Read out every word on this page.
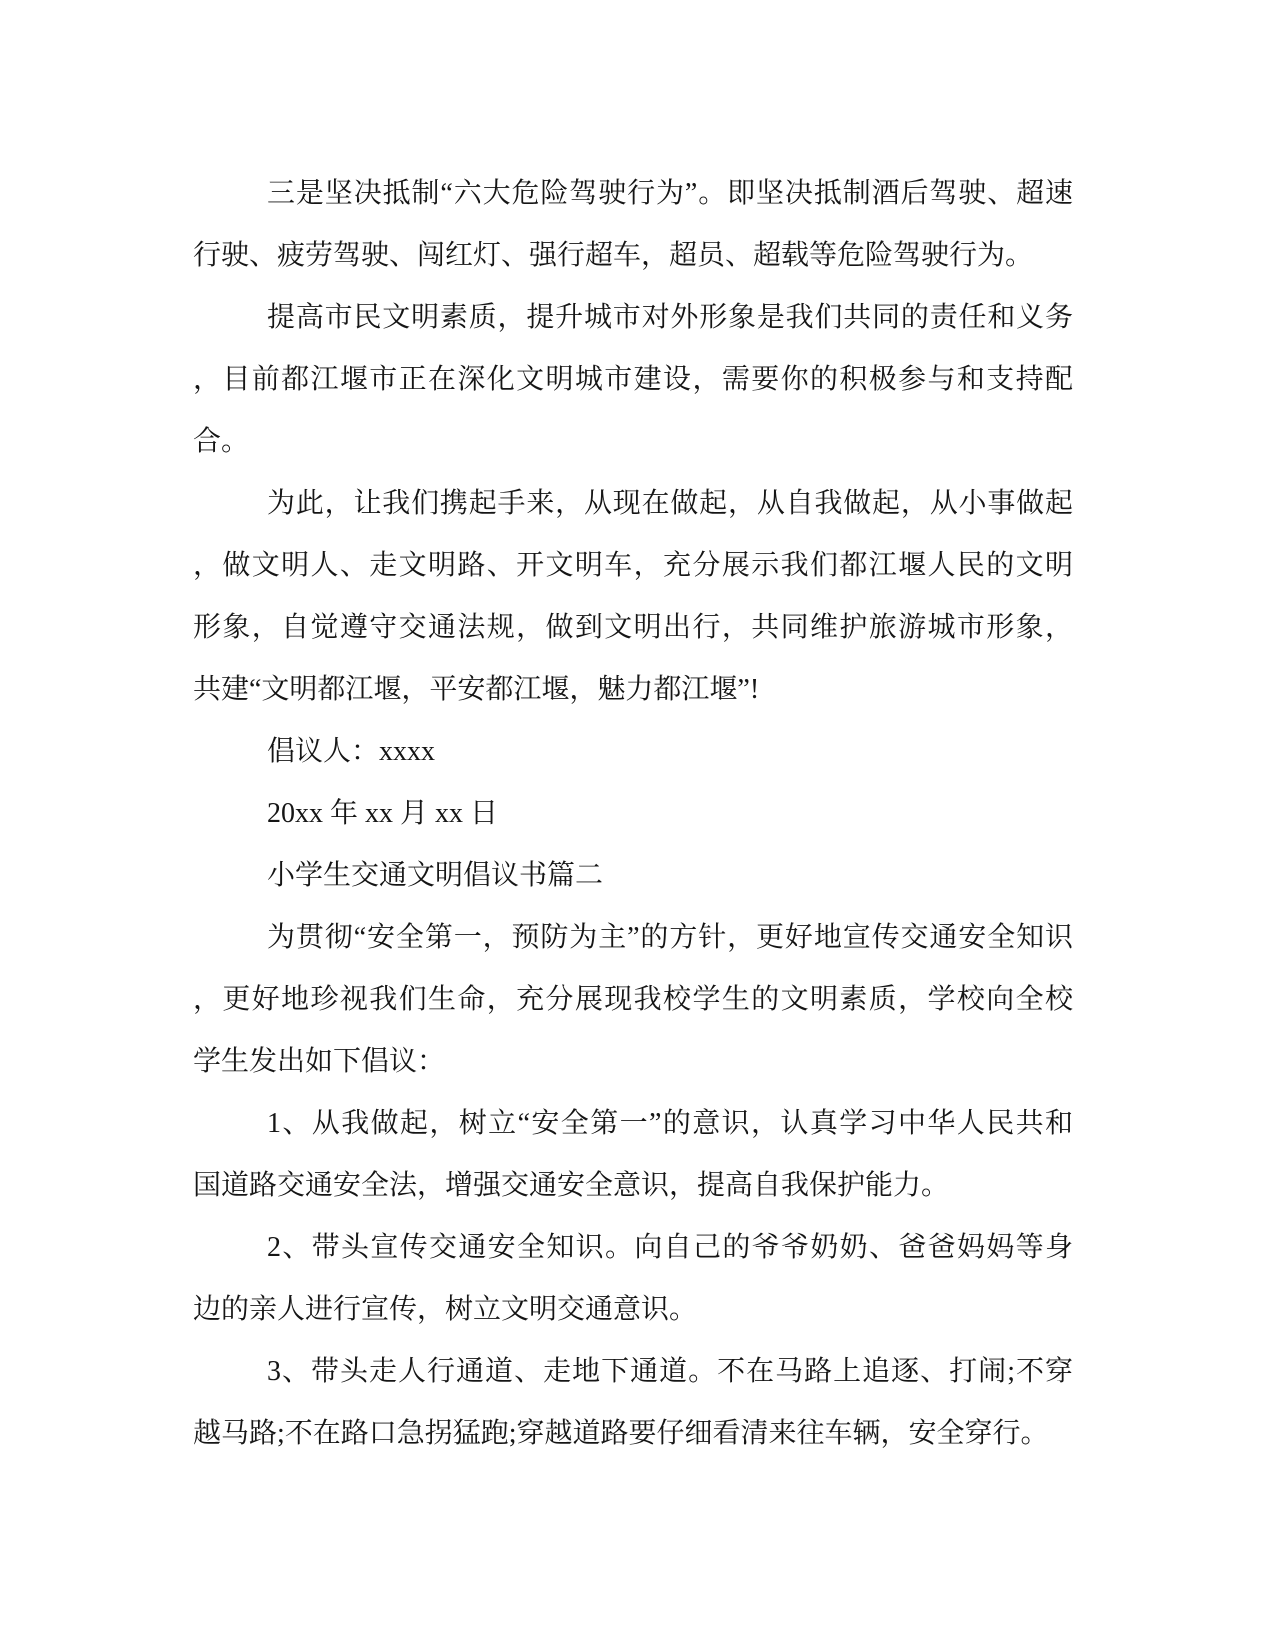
三是坚决抵制“六大危险驾驶行为”。即坚决抵制酒后驾驶、超速
行驶、疲劳驾驶、闯红灯、强行超车，超员、超载等危险驾驶行为。
提高市民文明素质，提升城市对外形象是我们共同的责任和义务
，目前都江堰市正在深化文明城市建设，需要你的积极参与和支持配
合。
为此，让我们携起手来，从现在做起，从自我做起，从小事做起
，做文明人、走文明路、开文明车，充分展示我们都江堰人民的文明
形象，自觉遵守交通法规，做到文明出行，共同维护旅游城市形象，
共建“文明都江堰，平安都江堰，魅力都江堰”!
倡议人：xxxx
20xx 年 xx 月 xx 日
小学生交通文明倡议书篇二
为贯彻“安全第一，预防为主”的方针，更好地宣传交通安全知识
，更好地珍视我们生命，充分展现我校学生的文明素质，学校向全校
学生发出如下倡议：
1、从我做起，树立“安全第一”的意识，认真学习中华人民共和
国道路交通安全法，增强交通安全意识，提高自我保护能力。
2、带头宣传交通安全知识。向自己的爷爷奶奶、爸爸妈妈等身
边的亲人进行宣传，树立文明交通意识。
3、带头走人行通道、走地下通道。不在马路上追逐、打闹;不穿
越马路;不在路口急拐猛跑;穿越道路要仔细看清来往车辆，安全穿行。
